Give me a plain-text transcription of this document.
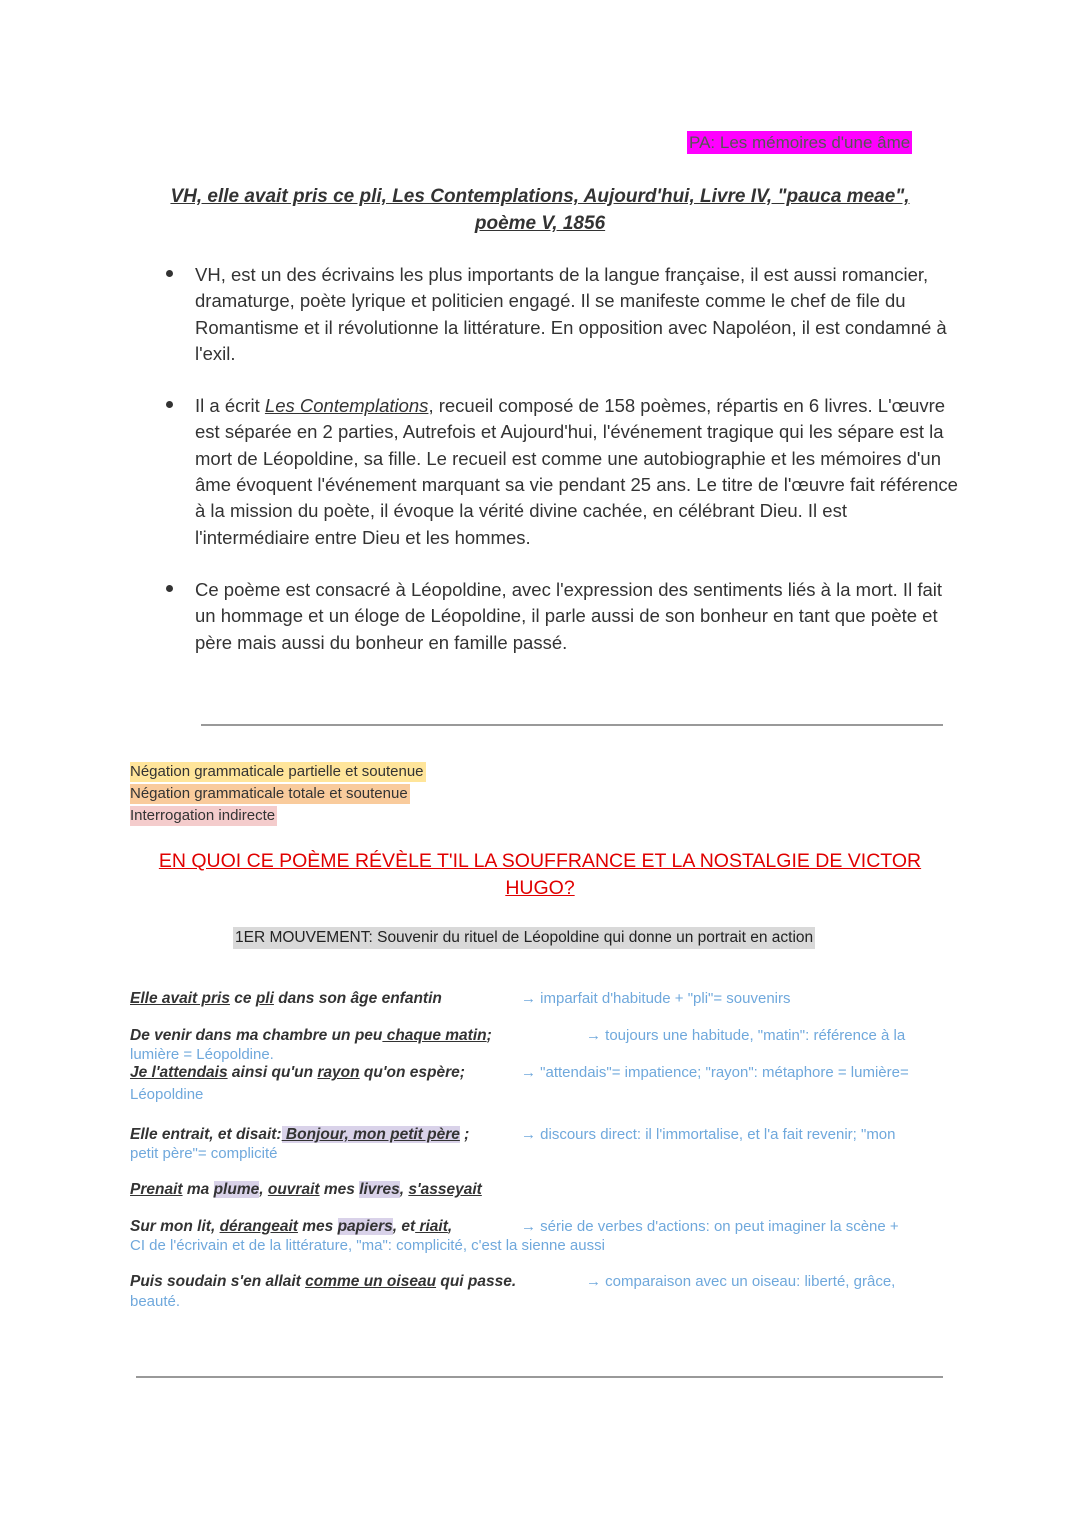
PA: Les mémoires d'une âme
VH, elle avait pris ce pli, Les Contemplations, Aujourd'hui, Livre IV, "pauca meae",
poème V, 1856
VH, est un des écrivains les plus importants de la langue française, il est aussi romancier, dramaturge, poète lyrique et politicien engagé. Il se manifeste comme le chef de file du Romantisme et il révolutionne la littérature. En opposition avec Napoléon, il est condamné à l'exil.
Il a écrit Les Contemplations, recueil composé de 158 poèmes, répartis en 6 livres. L'œuvre est séparée en 2 parties, Autrefois et Aujourd'hui, l'événement tragique qui les sépare est la mort de Léopoldine, sa fille. Le recueil est comme une autobiographie et les mémoires d'un âme évoquent l'événement marquant sa vie pendant 25 ans. Le titre de l'œuvre fait référence à la mission du poète, il évoque la vérité divine cachée, en célébrant Dieu. Il est l'intermédiaire entre Dieu et les hommes.
Ce poème est consacré à Léopoldine, avec l'expression des sentiments liés à la mort. Il fait un hommage et un éloge de Léopoldine, il parle aussi de son bonheur en tant que poète et père mais aussi du bonheur en famille passé.
Négation grammaticale partielle et soutenue
Négation grammaticale totale et soutenue
Interrogation indirecte
EN QUOI CE POÈME RÉVÈLE T'IL LA SOUFFRANCE ET LA NOSTALGIE DE VICTOR
HUGO?
1ER MOUVEMENT: Souvenir du rituel de Léopoldine qui donne un portrait en action
Elle avait pris ce pli dans son âge enfantin	→ imparfait d'habitude + "pli"= souvenirs
De venir dans ma chambre un peu chaque matin;	→ toujours une habitude, "matin": référence à la
lumière = Léopoldine.
Je l'attendais ainsi qu'un rayon qu'on espère;	→ "attendais"= impatience; "rayon": métaphore = lumière=
Léopoldine
Elle entrait, et disait: Bonjour, mon petit père ;	→ discours direct: il l'immortalise, et l'a fait revenir; "mon
petit père"= complicité
Prenait ma plume, ouvrait mes livres, s'asseyait
Sur mon lit, dérangeait mes papiers, et riait,	→ série de verbes d'actions: on peut imaginer la scène +
CI de l'écrivain et de la littérature, "ma": complicité, c'est la sienne aussi
Puis soudain s'en allait comme un oiseau qui passe.	→ comparaison avec un oiseau: liberté, grâce,
beauté.
